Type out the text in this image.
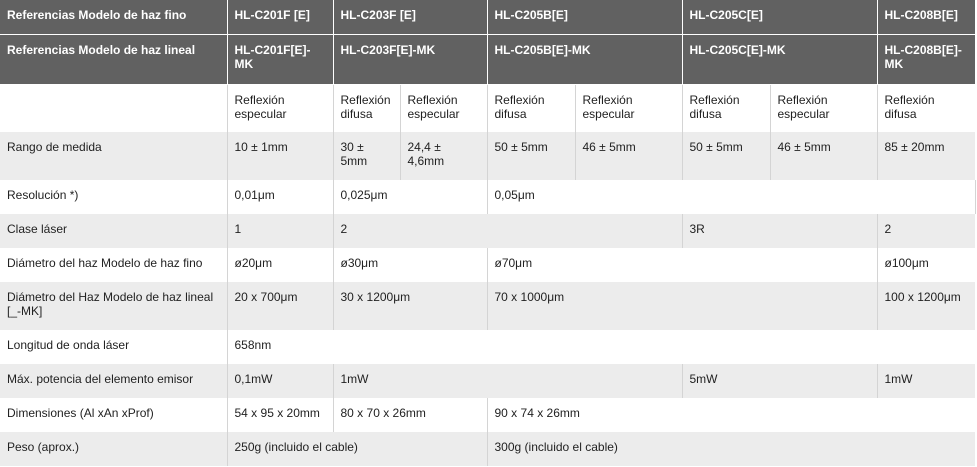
Referencias Modelo de haz fino	HL-C201F [E]	HL-C203F [E]		HL-C205B[E]		HL-C205C[E]		HL-C208B[E]	
Referencias Modelo de haz lineal	HL-C201F[E]-MK	HL-C203F[E]-MK		HL-C205B[E]-MK		HL-C205C[E]-MK		HL-C208B[E]-MK	
	Reflexión especular	Reflexión difusa	Reflexión especular	Reflexión difusa	Reflexión especular	Reflexión difusa	Reflexión especular	Reflexión difusa	
Rango de medida	10 ± 1mm	30 ± 5mm	24,4 ± 4,6mm	50 ± 5mm	46 ± 5mm	50 ± 5mm	46 ± 5mm	85 ± 20mm	
Resolución *)	0,01μm	0,025μm		0,05μm	
Clase láser	1	2				3R		2	
Diámetro del haz Modelo de haz fino	ø20μm	ø30μm		ø70μm				ø100μm	
Diámetro del Haz Modelo de haz lineal [_-MK]	20 x 700μm	30 x 1200μm		70 x 1000μm				100 x 1200μm	
Longitud de onda láser	658nm								
Máx. potencia del elemento emisor	0,1mW	1mW				5mW		1mW	
Dimensiones (Al xAn xProf)	54 x 95 x 20mm	80 x 70 x 26mm		90 x 74 x 26mm					
Peso (aprox.)	250g (incluido el cable)			300g (incluido el cable)					
